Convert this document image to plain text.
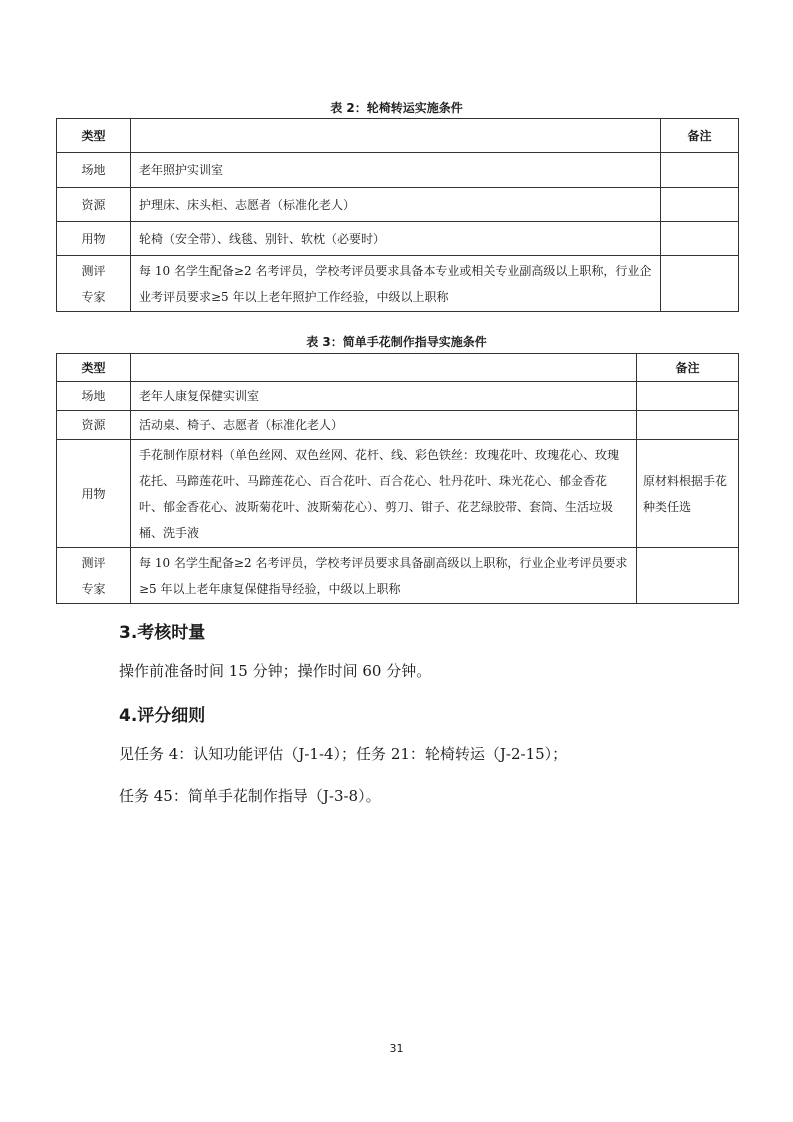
表 2：轮椅转运实施条件
类型		备注
场地	老年照护实训室	
资源	护理床、床头柜、志愿者（标准化老人）	
用物	轮椅（安全带）、线毯、别针、软枕（必要时）	
测评专家	每 10 名学生配备≥2 名考评员，学校考评员要求具备本专业或相关专业副高级以上职称，行业企业考评员要求≥5 年以上老年照护工作经验，中级以上职称	
表 3：简单手花制作指导实施条件
类型		备注
场地	老年人康复保健实训室	
资源	活动桌、椅子、志愿者（标准化老人）	
用物	手花制作原材料（单色丝网、双色丝网、花杆、线、彩色铁丝：玫瑰花叶、玫瑰花心、玫瑰花托、马蹄莲花叶、马蹄莲花心、百合花叶、百合花心、牡丹花叶、珠光花心、郁金香花叶、郁金香花心、波斯菊花叶、波斯菊花心）、剪刀、钳子、花艺绿胶带、套筒、生活垃圾桶、洗手液	原材料根据手花种类任选
测评专家	每 10 名学生配备≥2 名考评员，学校考评员要求具备副高级以上职称，行业企业考评员要求≥5 年以上老年康复保健指导经验，中级以上职称	
3.考核时量
操作前准备时间 15 分钟；操作时间 60 分钟。
4.评分细则
见任务 4：认知功能评估（J-1-4）；任务 21：轮椅转运（J-2-15）；
任务 45：简单手花制作指导（J-3-8）。
31
